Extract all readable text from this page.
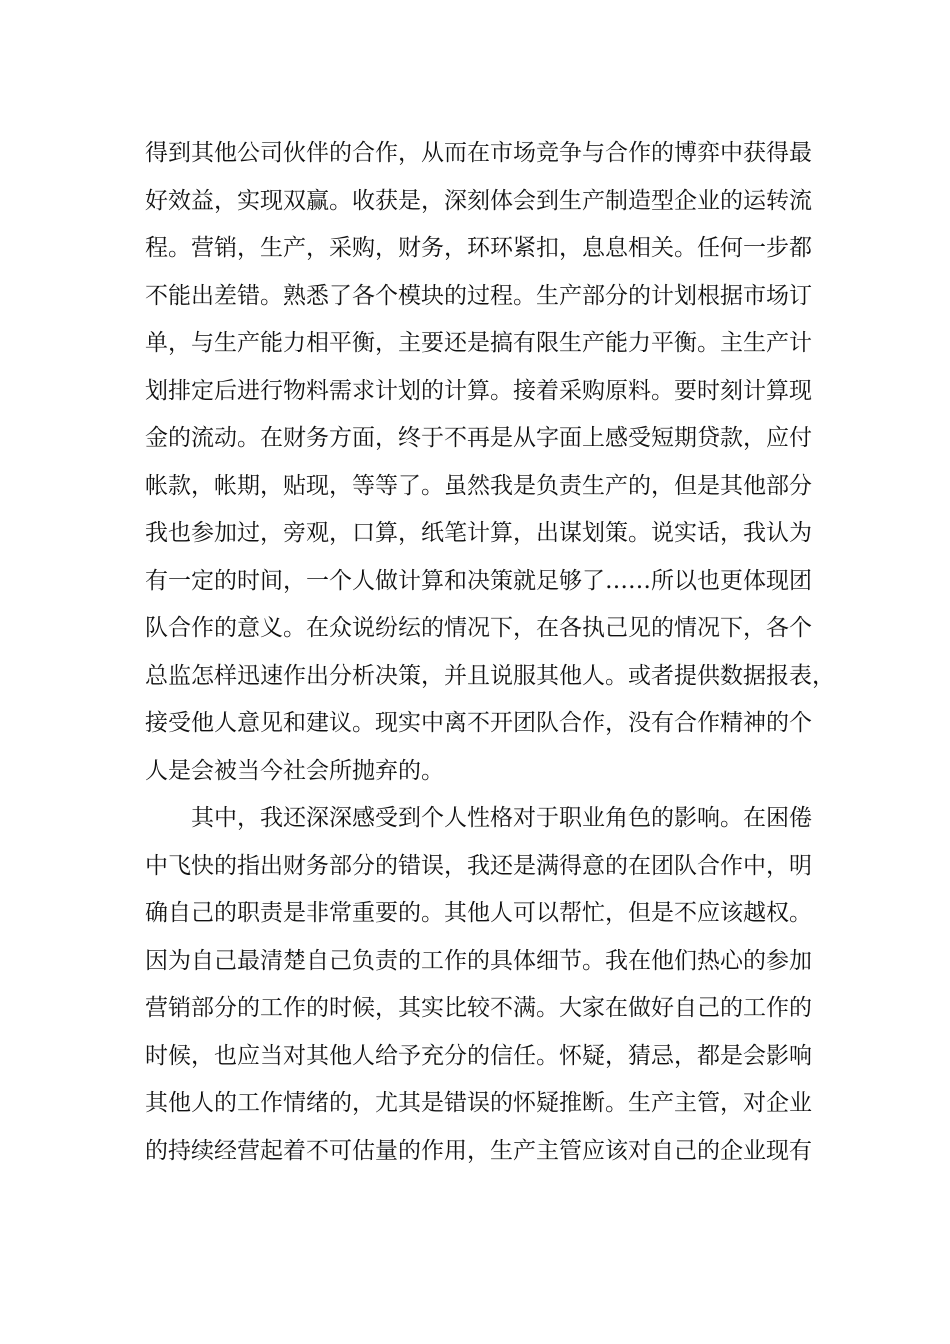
得到其他公司伙伴的合作，从而在市场竞争与合作的博弈中获得最
好效益，实现双赢。收获是，深刻体会到生产制造型企业的运转流
程。营销，生产，采购，财务，环环紧扣，息息相关。任何一步都
不能出差错。熟悉了各个模块的过程。生产部分的计划根据市场订
单，与生产能力相平衡，主要还是搞有限生产能力平衡。主生产计
划排定后进行物料需求计划的计算。接着采购原料。要时刻计算现
金的流动。在财务方面，终于不再是从字面上感受短期贷款，应付
帐款，帐期，贴现，等等了。虽然我是负责生产的，但是其他部分
我也参加过，旁观，口算，纸笔计算，出谋划策。说实话，我认为
有一定的时间，一个人做计算和决策就足够了……所以也更体现团
队合作的意义。在众说纷纭的情况下，在各执己见的情况下，各个
总监怎样迅速作出分析决策，并且说服其他人。或者提供数据报表，
接受他人意见和建议。现实中离不开团队合作，没有合作精神的个
人是会被当今社会所抛弃的。
　　其中，我还深深感受到个人性格对于职业角色的影响。在困倦
中飞快的指出财务部分的错误，我还是满得意的在团队合作中，明
确自己的职责是非常重要的。其他人可以帮忙，但是不应该越权。
因为自己最清楚自己负责的工作的具体细节。我在他们热心的参加
营销部分的工作的时候，其实比较不满。大家在做好自己的工作的
时候，也应当对其他人给予充分的信任。怀疑，猜忌，都是会影响
其他人的工作情绪的，尤其是错误的怀疑推断。生产主管，对企业
的持续经营起着不可估量的作用，生产主管应该对自己的企业现有
